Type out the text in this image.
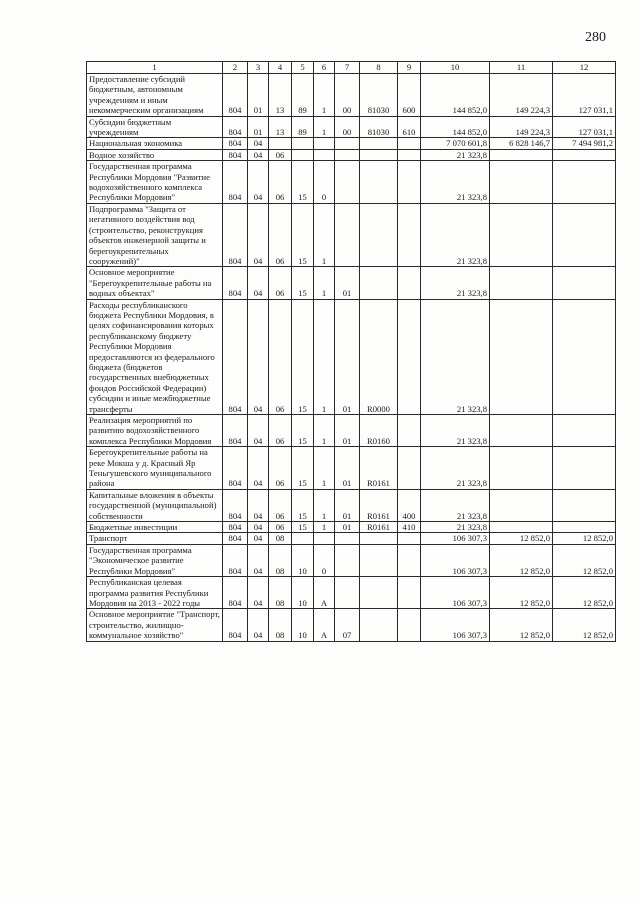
280
1	2	3	4	5	6	7	8	9	10	11	12
Предоставление субсидий бюджетным, автономным учреждениям и иным некоммерческим организациям	804	01	13	89	1	00	81030	600	144 852,0	149 224,3	127 031,1
Субсидии бюджетным учреждениям	804	01	13	89	1	00	81030	610	144 852,0	149 224,3	127 031,1
Национальная экономика	804	04							7 070 601,8	6 828 146,7	7 494 981,2
Водное хозяйство	804	04	06						21 323,8		
Государственная программа Республики Мордовия "Развитие водохозяйственного комплекса Республики Мордовия"	804	04	06	15	0				21 323,8		
Подпрограмма "Защита от негативного воздействия вод (строительство, реконструкция объектов инженерной защиты и берегоукрепительных сооружений)"	804	04	06	15	1				21 323,8		
Основное мероприятие "Берегоукрепительные работы на водных объектах"	804	04	06	15	1	01			21 323,8		
Расходы республиканского бюджета Республики Мордовия, в целях софинансирования которых республиканскому бюджету Республики Мордовия предоставляются из федерального бюджета (бюджетов государственных внебюджетных фондов Российской Федерации) субсидии и иные межбюджетные трансферты	804	04	06	15	1	01	R0000		21 323,8		
Реализация мероприятий по развитию водохозяйственного комплекса Республики Мордовия	804	04	06	15	1	01	R0160		21 323,8		
Берегоукрепительные работы на реке Мокша у д. Красный Яр Теньгушевского муниципального района	804	04	06	15	1	01	R0161		21 323,8		
Капитальные вложения в объекты государственной (муниципальной) собственности	804	04	06	15	1	01	R0161	400	21 323,8		
Бюджетные инвестиции	804	04	06	15	1	01	R0161	410	21 323,8		
Транспорт	804	04	08						106 307,3	12 852,0	12 852,0
Государственная программа "Экономическое развитие Республики Мордовия"	804	04	08	10	0				106 307,3	12 852,0	12 852,0
Республиканская целевая программа развития Республики Мордовия на 2013 - 2022 годы	804	04	08	10	А				106 307,3	12 852,0	12 852,0
Основное мероприятие "Транспорт, строительство, жилищно-коммунальное хозяйство"	804	04	08	10	А	07			106 307,3	12 852,0	12 852,0
